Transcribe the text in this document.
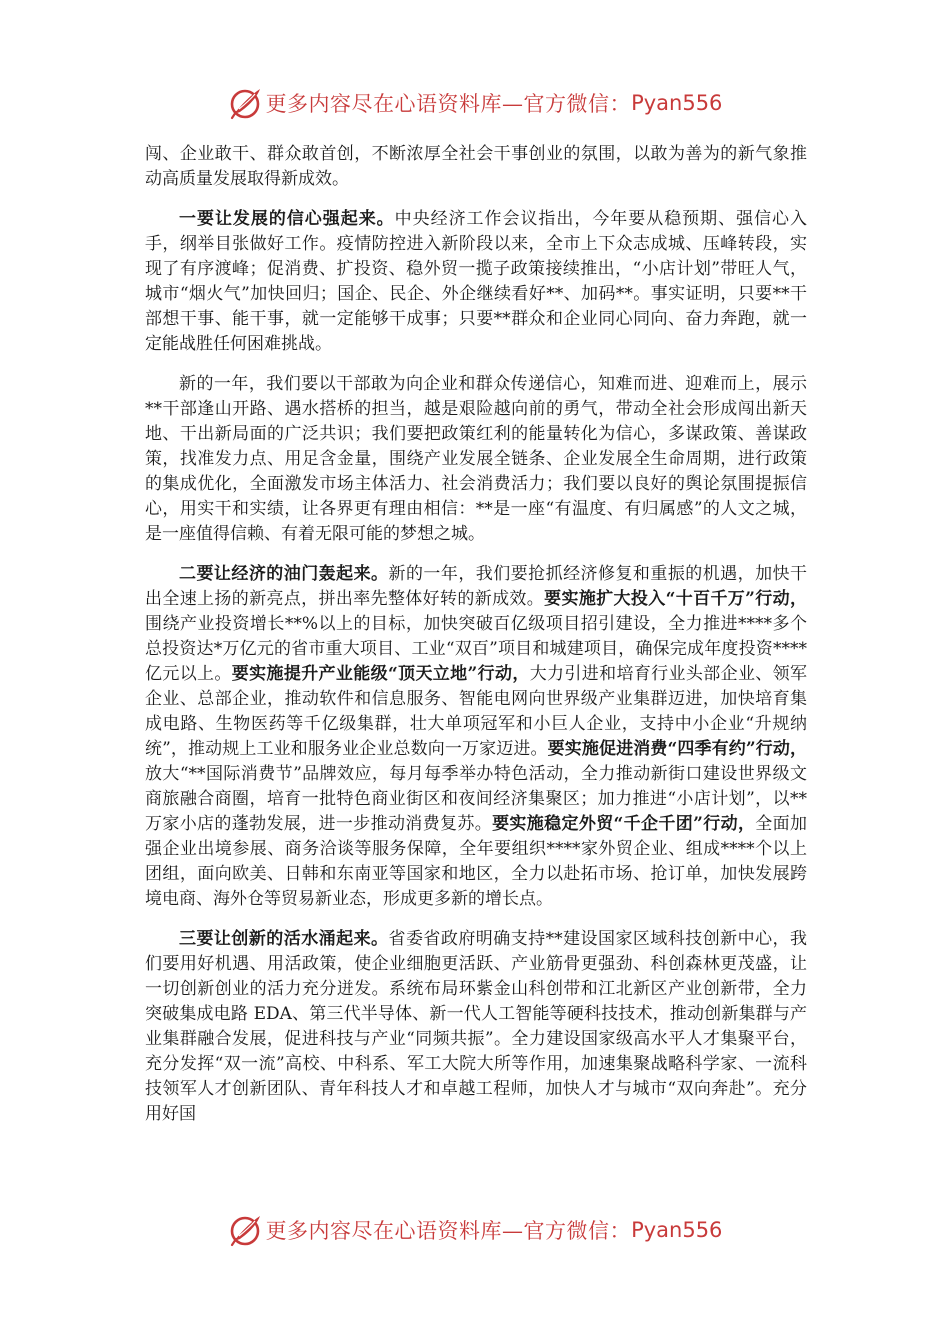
更多内容尽在心语资料库—官方微信： Pyan556

闯、企业敢干、群众敢首创，不断浓厚全社会干事创业的氛围，以敢为善为的新气象推动高质量发展取得新成效。

一要让发展的信心强起来。中央经济工作会议指出，今年要从稳预期、强信心入手，纲举目张做好工作。疫情防控进入新阶段以来，全市上下众志成城、压峰转段，实现了有序渡峰；促消费、扩投资、稳外贸一揽子政策接续推出，“小店计划”带旺人气，城市“烟火气”加快回归；国企、民企、外企继续看好**、加码**。事实证明，只要**干部想干事、能干事，就一定能够干成事；只要**群众和企业同心同向、奋力奔跑，就一定能战胜任何困难挑战。

新的一年，我们要以干部敢为向企业和群众传递信心，知难而进、迎难而上，展示**干部逢山开路、遇水搭桥的担当，越是艰险越向前的勇气，带动全社会形成闯出新天地、干出新局面的广泛共识；我们要把政策红利的能量转化为信心，多谋政策、善谋政策，找准发力点、用足含金量，围绕产业发展全链条、企业发展全生命周期，进行政策的集成优化，全面激发市场主体活力、社会消费活力；我们要以良好的舆论氛围提振信心，用实干和实绩，让各界更有理由相信：**是一座“有温度、有归属感”的人文之城，是一座值得信赖、有着无限可能的梦想之城。

二要让经济的油门轰起来。新的一年，我们要抢抓经济修复和重振的机遇，加快干出全速上扬的新亮点，拼出率先整体好转的新成效。要实施扩大投入“十百千万”行动，围绕产业投资增长**%以上的目标，加快突破百亿级项目招引建设，全力推进****多个总投资达*万亿元的省市重大项目、工业“双百”项目和城建项目，确保完成年度投资****亿元以上。要实施提升产业能级“顶天立地”行动，大力引进和培育行业头部企业、领军企业、总部企业，推动软件和信息服务、智能电网向世界级产业集群迈进，加快培育集成电路、生物医药等千亿级集群，壮大单项冠军和小巨人企业，支持中小企业“升规纳统”，推动规上工业和服务业企业总数向一万家迈进。要实施促进消费“四季有约”行动，放大“**国际消费节”品牌效应，每月每季举办特色活动，全力推动新街口建设世界级文商旅融合商圈，培育一批特色商业街区和夜间经济集聚区；加力推进“小店计划”，以**万家小店的蓬勃发展，进一步推动消费复苏。要实施稳定外贸“千企千团”行动，全面加强企业出境参展、商务洽谈等服务保障，全年要组织****家外贸企业、组成****个以上团组，面向欧美、日韩和东南亚等国家和地区，全力以赴拓市场、抢订单，加快发展跨境电商、海外仓等贸易新业态，形成更多新的增长点。

三要让创新的活水涌起来。省委省政府明确支持**建设国家区域科技创新中心，我们要用好机遇、用活政策，使企业细胞更活跃、产业筋骨更强劲、科创森林更茂盛，让一切创新创业的活力充分迸发。系统布局环紫金山科创带和江北新区产业创新带，全力突破集成电路 EDA、第三代半导体、新一代人工智能等硬科技技术，推动创新集群与产业集群融合发展，促进科技与产业“同频共振”。全力建设国家级高水平人才集聚平台，充分发挥“双一流”高校、中科系、军工大院大所等作用，加速集聚战略科学家、一流科技领军人才创新团队、青年科技人才和卓越工程师，加快人才与城市“双向奔赴”。充分用好国

更多内容尽在心语资料库—官方微信： Pyan556
